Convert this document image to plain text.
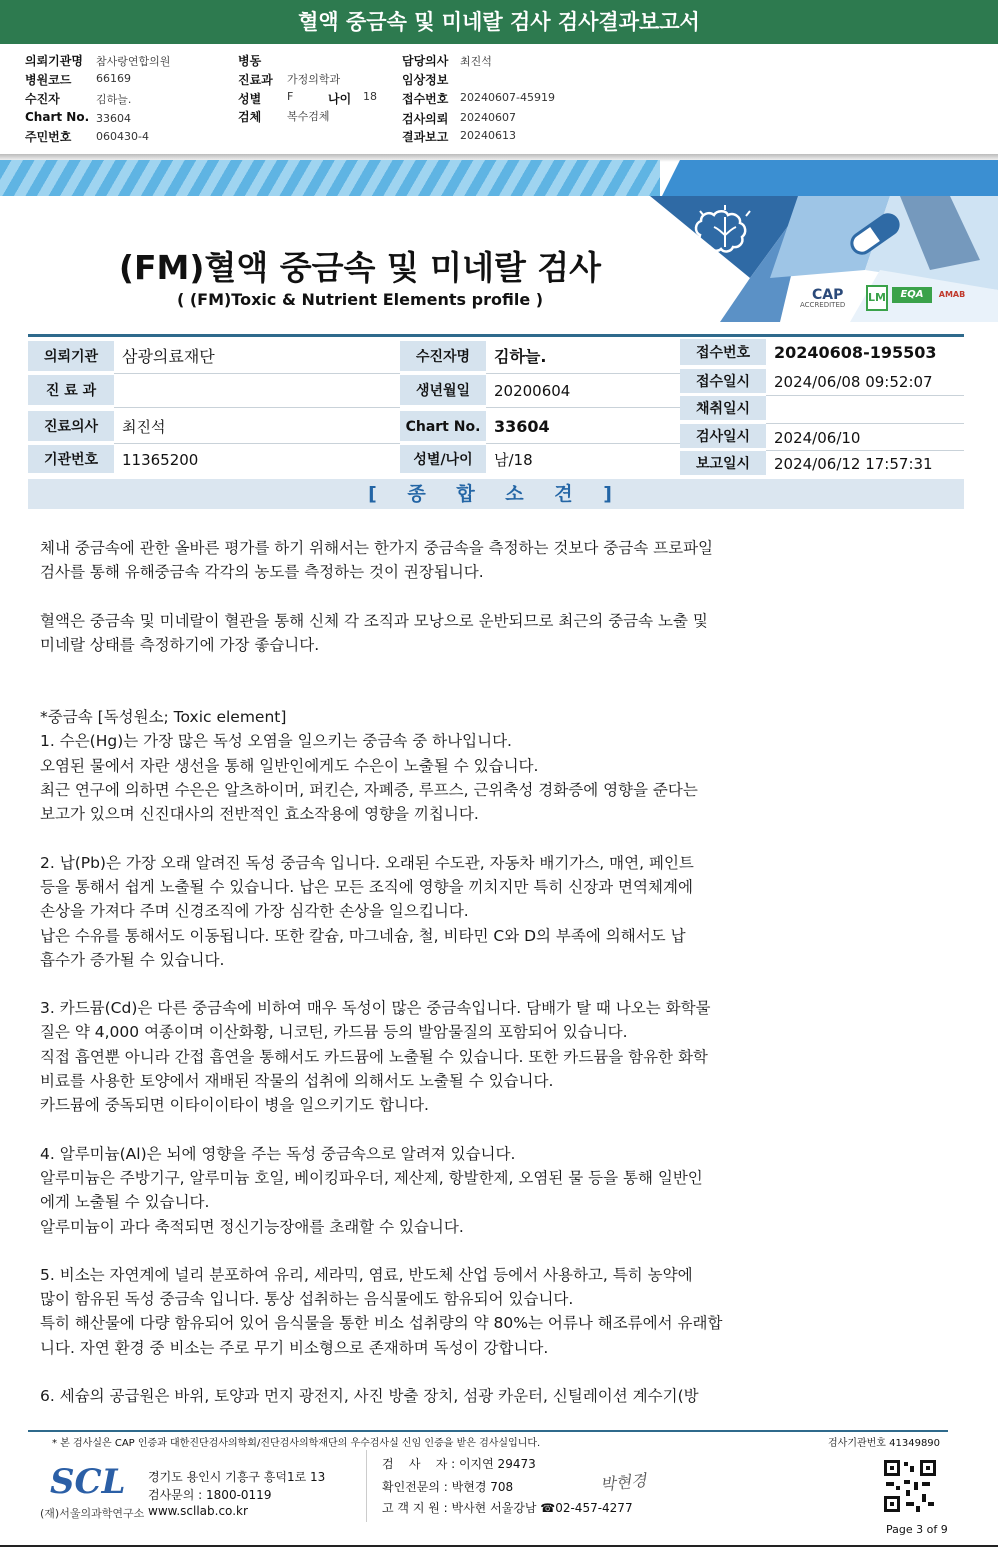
혈액 중금속 및 미네랄 검사 검사결과보고서
의뢰기관명 참사랑연합의원
병원코드 66169
수진자	김하늘.
Chart No. 33604
주민번호 060430-4
병동
진료과 가정의학과
성별 F	나이 18
검체 복수검체
담당의사 최진석
임상정보
접수번호 20240607-45919
검사의뢰 20240607
결과보고 20240613
(FM)혈액 중금속 및 미네랄 검사
( (FM)Toxic & Nutrient Elements profile )	CAP
ACCREDITED
LM	EQA	AMAB
의뢰기관	삼광의료재단
진 료 과
진료의사	최진석
기관번호	11365200
수진자명	김하늘.
생년월일	20200604
Chart No. 33604
성별/나이	남/18
접수번호	20240608-195503
접수일시	2024/06/08 09:52:07
채취일시
검사일시	2024/06/10
보고일시	2024/06/12 17:57:31
[ 종 합 소 견 ]

체내 중금속에 관한 올바른 평가를 하기 위해서는 한가지 중금속을 측정하는 것보다 중금속 프로파일
검사를 통해 유해중금속 각각의 농도를 측정하는 것이 권장됩니다.

혈액은 중금속 및 미네랄이 혈관을 통해 신체 각 조직과 모낭으로 운반되므로 최근의 중금속 노출 및
미네랄 상태를 측정하기에 가장 좋습니다.

*중금속 [독성원소; Toxic element]
1. 수은(Hg)는 가장 많은 독성 오염을 일으키는 중금속 중 하나입니다.
오염된 물에서 자란 생선을 통해 일반인에게도 수은이 노출될 수 있습니다.
최근 연구에 의하면 수은은 알츠하이머, 퍼킨슨, 자폐증, 루프스, 근위축성 경화증에 영향을 준다는
보고가 있으며 신진대사의 전반적인 효소작용에 영향을 끼칩니다.

2. 납(Pb)은 가장 오래 알려진 독성 중금속 입니다. 오래된 수도관, 자동차 배기가스, 매연, 페인트
등을 통해서 쉽게 노출될 수 있습니다. 납은 모든 조직에 영향을 끼치지만 특히 신장과 면역체계에
손상을 가져다 주며 신경조직에 가장 심각한 손상을 일으킵니다.
납은 수유를 통해서도 이동됩니다. 또한 칼슘, 마그네슘, 철, 비타민 C와 D의 부족에 의해서도 납
흡수가 증가될 수 있습니다.

3. 카드뮴(Cd)은 다른 중금속에 비하여 매우 독성이 많은 중금속입니다. 담배가 탈 때 나오는 화학물
질은 약 4,000 여종이며 이산화황, 니코틴, 카드뮴 등의 발암물질의 포함되어 있습니다.
직접 흡연뿐 아니라 간접 흡연을 통해서도 카드뮴에 노출될 수 있습니다. 또한 카드뮴을 함유한 화학
비료를 사용한 토양에서 재배된 작물의 섭취에 의해서도 노출될 수 있습니다.
카드뮴에 중독되면 이타이이타이 병을 일으키기도 합니다.

4. 알루미늄(Al)은 뇌에 영향을 주는 독성 중금속으로 알려져 있습니다.
알루미늄은 주방기구, 알루미늄 호일, 베이킹파우더, 제산제, 항발한제, 오염된 물 등을 통해 일반인
에게 노출될 수 있습니다.
알루미늄이 과다 축적되면 정신기능장애를 초래할 수 있습니다.

5. 비소는 자연계에 널리 분포하여 유리, 세라믹, 염료, 반도체 산업 등에서 사용하고, 특히 농약에
많이 함유된 독성 중금속 입니다. 통상 섭취하는 음식물에도 함유되어 있습니다.
특히 해산물에 다량 함유되어 있어 음식물을 통한 비소 섭취량의 약 80%는 어류나 해조류에서 유래합
니다. 자연 환경 중 비소는 주로 무기 비소형으로 존재하며 독성이 강합니다.

6. 세슘의 공급원은 바위, 토양과 먼지 광전지, 사진 방출 장치, 섬광 카운터, 신틸레이션 계수기(방

* 본 검사실은 CAP 인증과 대한진단검사의학회/진단검사의학재단의 우수검사실 신임 인증을 받은 검사실입니다.	검사기관번호 41349890
SCL
(재)서울의과학연구소
경기도 용인시 기흥구 흥덕1로 13
검사문의 : 1800-0119
www.scllab.co.kr
검    사    자 : 이지연 29473
확인전문의 : 박현경 708
고 객 지 원 : 박사현 서울강남 ☎02-457-4277
박현경
Page 3 of 9
